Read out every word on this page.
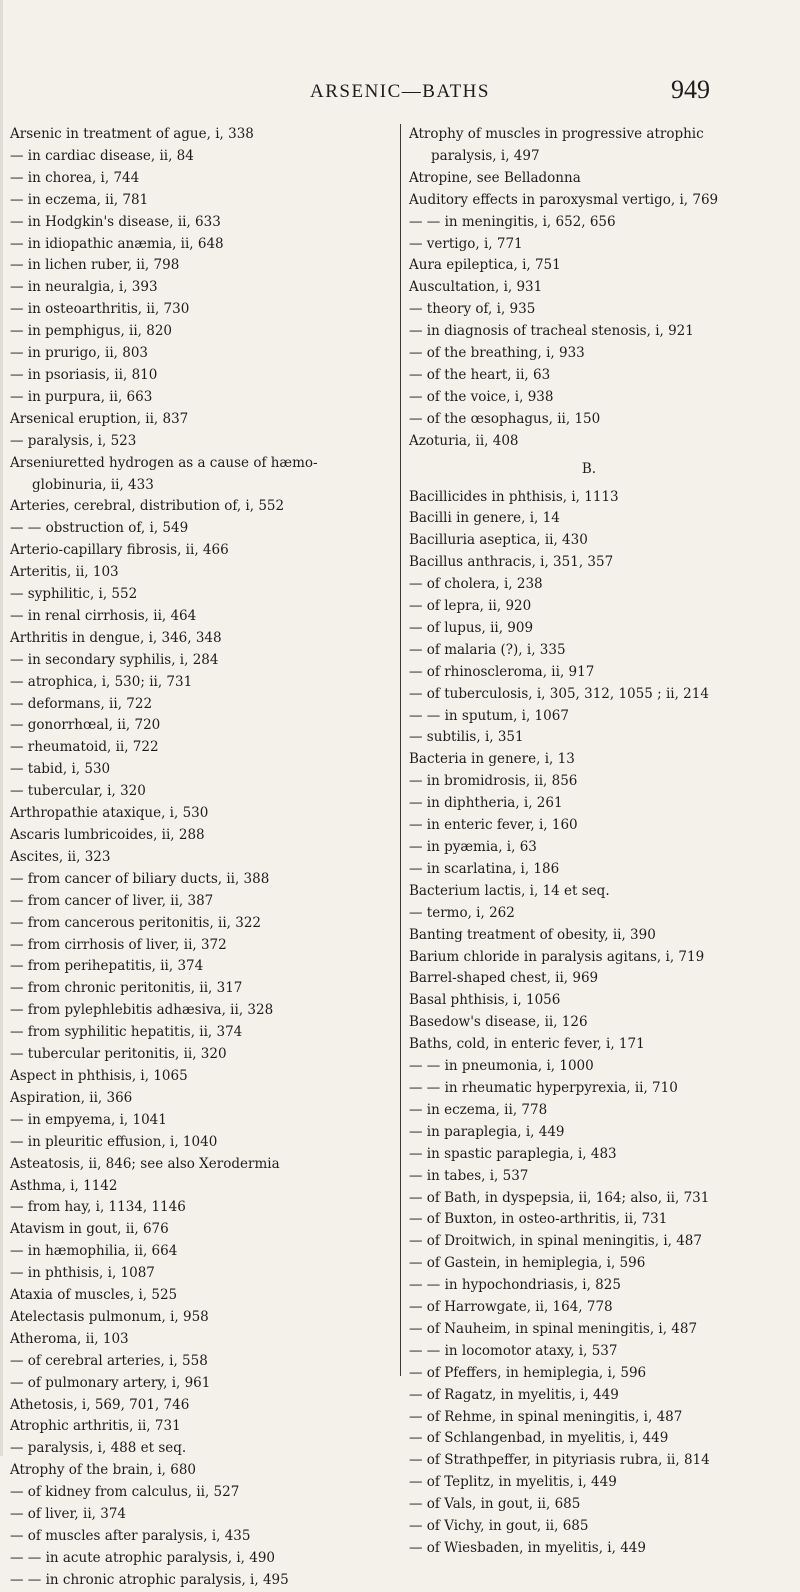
ARSENIC—BATHS	949
Arsenic in treatment of ague, i, 338
— in cardiac disease, ii, 84
— in chorea, i, 744
— in eczema, ii, 781
— in Hodgkin's disease, ii, 633
— in idiopathic anæmia, ii, 648
— in lichen ruber, ii, 798
— in neuralgia, i, 393
— in osteoarthritis, ii, 730
— in pemphigus, ii, 820
— in prurigo, ii, 803
— in psoriasis, ii, 810
— in purpura, ii, 663
Arsenical eruption, ii, 837
— paralysis, i, 523
Arseniuretted hydrogen as a cause of hæmo-
globinuria, ii, 433
Arteries, cerebral, distribution of, i, 552
— — obstruction of, i, 549
Arterio-capillary fibrosis, ii, 466
Arteritis, ii, 103
— syphilitic, i, 552
— in renal cirrhosis, ii, 464
Arthritis in dengue, i, 346, 348
— in secondary syphilis, i, 284
— atrophica, i, 530; ii, 731
— deformans, ii, 722
— gonorrhœal, ii, 720
— rheumatoid, ii, 722
— tabid, i, 530
— tubercular, i, 320
Arthropathie ataxique, i, 530
Ascaris lumbricoides, ii, 288
Ascites, ii, 323
— from cancer of biliary ducts, ii, 388
— from cancer of liver, ii, 387
— from cancerous peritonitis, ii, 322
— from cirrhosis of liver, ii, 372
— from perihepatitis, ii, 374
— from chronic peritonitis, ii, 317
— from pylephlebitis adhæsiva, ii, 328
— from syphilitic hepatitis, ii, 374
— tubercular peritonitis, ii, 320
Aspect in phthisis, i, 1065
Aspiration, ii, 366
— in empyema, i, 1041
— in pleuritic effusion, i, 1040
Asteatosis, ii, 846; see also Xerodermia
Asthma, i, 1142
— from hay, i, 1134, 1146
Atavism in gout, ii, 676
— in hæmophilia, ii, 664
— in phthisis, i, 1087
Ataxia of muscles, i, 525
Atelectasis pulmonum, i, 958
Atheroma, ii, 103
— of cerebral arteries, i, 558
— of pulmonary artery, i, 961
Athetosis, i, 569, 701, 746
Atrophic arthritis, ii, 731
— paralysis, i, 488 et seq.
Atrophy of the brain, i, 680
— of kidney from calculus, ii, 527
— of liver, ii, 374
— of muscles after paralysis, i, 435
— — in acute atrophic paralysis, i, 490
— — in chronic atrophic paralysis, i, 495
Atrophy of muscles in progressive atrophic
paralysis, i, 497
Atropine, see Belladonna
Auditory effects in paroxysmal vertigo, i, 769
— — in meningitis, i, 652, 656
— vertigo, i, 771
Aura epileptica, i, 751
Auscultation, i, 931
— theory of, i, 935
— in diagnosis of tracheal stenosis, i, 921
— of the breathing, i, 933
— of the heart, ii, 63
— of the voice, i, 938
— of the œsophagus, ii, 150
Azoturia, ii, 408
B.
Bacillicides in phthisis, i, 1113
Bacilli in genere, i, 14
Bacilluria aseptica, ii, 430
Bacillus anthracis, i, 351, 357
— of cholera, i, 238
— of lepra, ii, 920
— of lupus, ii, 909
— of malaria (?), i, 335
— of rhinoscleroma, ii, 917
— of tuberculosis, i, 305, 312, 1055 ; ii, 214
— — in sputum, i, 1067
— subtilis, i, 351
Bacteria in genere, i, 13
— in bromidrosis, ii, 856
— in diphtheria, i, 261
— in enteric fever, i, 160
— in pyæmia, i, 63
— in scarlatina, i, 186
Bacterium lactis, i, 14 et seq.
— termo, i, 262
Banting treatment of obesity, ii, 390
Barium chloride in paralysis agitans, i, 719
Barrel-shaped chest, ii, 969
Basal phthisis, i, 1056
Basedow's disease, ii, 126
Baths, cold, in enteric fever, i, 171
— — in pneumonia, i, 1000
— — in rheumatic hyperpyrexia, ii, 710
— in eczema, ii, 778
— in paraplegia, i, 449
— in spastic paraplegia, i, 483
— in tabes, i, 537
— of Bath, in dyspepsia, ii, 164; also, ii, 731
— of Buxton, in osteo-arthritis, ii, 731
— of Droitwich, in spinal meningitis, i, 487
— of Gastein, in hemiplegia, i, 596
— — in hypochondriasis, i, 825
— of Harrowgate, ii, 164, 778
— of Nauheim, in spinal meningitis, i, 487
— — in locomotor ataxy, i, 537
— of Pfeffers, in hemiplegia, i, 596
— of Ragatz, in myelitis, i, 449
— of Rehme, in spinal meningitis, i, 487
— of Schlangenbad, in myelitis, i, 449
— of Strathpeffer, in pityriasis rubra, ii, 814
— of Teplitz, in myelitis, i, 449
— of Vals, in gout, ii, 685
— of Vichy, in gout, ii, 685
— of Wiesbaden, in myelitis, i, 449
